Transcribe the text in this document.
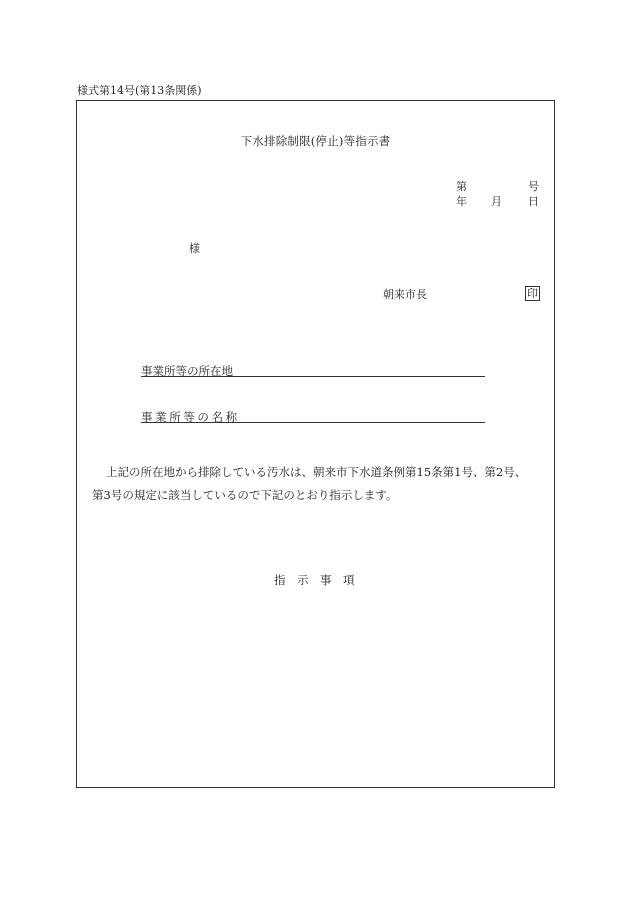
様式第14号(第13条関係)
下水排除制限(停止)等指示書
第	号
年 月 日
様
朝来市長	印
事業所等の所在地
事業所等の名称
上記の所在地から排除している汚水は、朝来市下水道条例第15条第1号、第2号、
第3号の規定に該当しているので下記のとおり指示します。
指　示　事　項
